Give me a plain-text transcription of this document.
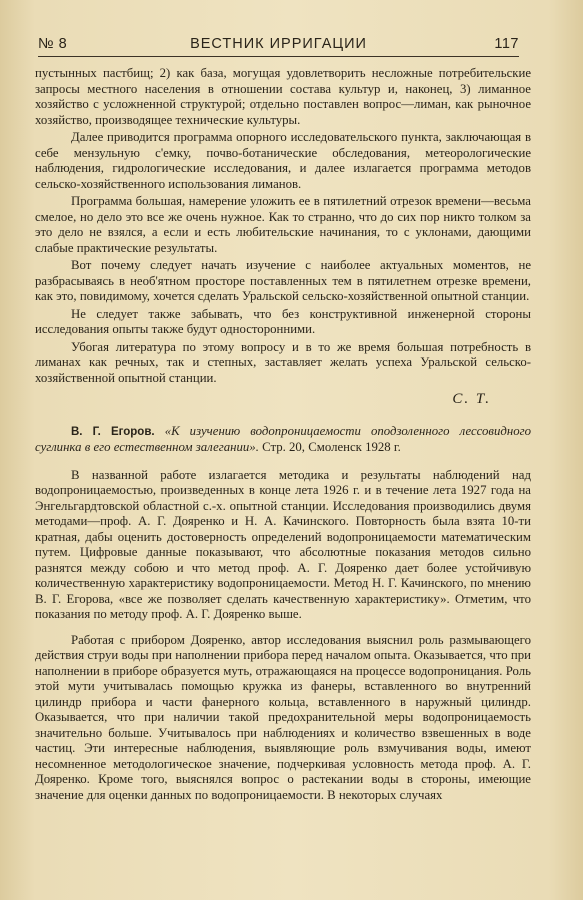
№ 8	ВЕСТНИК ИРРИГАЦИИ	117

пустынных пастбищ; 2) как база, могущая удовлетворить несложные потребительские запросы местного населения в отношении состава культур и, наконец, 3) лиманное хозяйство с усложненной структурой; отдельно поставлен вопрос—лиман, как рыночное хозяйство, производящее технические культуры.

Далее приводится программа опорного исследовательского пункта, заключающая в себе мензульную с'емку, почво-ботанические обследования, метеорологические наблюдения, гидрологические исследования, и далее излагается программа методов сельско-хозяйственного использования лиманов.

Программа большая, намерение уложить ее в пятилетний отрезок времени—весьма смелое, но дело это все же очень нужное. Как то странно, что до сих пор никто толком за это дело не взялся, а если и есть любительские начинания, то с уклонами, дающими слабые практические результаты.

Вот почему следует начать изучение с наиболее актуальных моментов, не разбрасываясь в необ'ятном просторе поставленных тем в пятилетнем отрезке времени, как это, повидимому, хочется сделать Уральской сельско-хозяйственной опытной станции.

Не следует также забывать, что без конструктивной инженерной стороны исследования опыты также будут односторонними.

Убогая литература по этому вопросу и в то же время большая потребность в лиманах как речных, так и степных, заставляет желать успеха Уральской сельско-хозяйственной опытной станции.

С. Т.

В. Г. Егоров. «К изучению водопроницаемости оподзоленного лессовидного суглинка в его естественном залегании». Стр. 20, Смоленск 1928 г.

В названной работе излагается методика и результаты наблюдений над водопроницаемостью, произведенных в конце лета 1926 г. и в течение лета 1927 года на Энгельгардтовской областной с.-х. опытной станции. Исследования производились двумя методами—проф. А. Г. Дояренко и Н. А. Качинского. Повторность была взята 10-ти кратная, дабы оценить достоверность определений водопроницаемости математическим путем. Цифровые данные показывают, что абсолютные показания методов сильно разнятся между собою и что метод проф. А. Г. Дояренко дает более устойчивую количественную характеристику водопроницаемости. Метод Н. Г. Качинского, по мнению В. Г. Егорова, «все же позволяет сделать качественную характеристику». Отметим, что показания по методу проф. А. Г. Дояренко выше.

Работая с прибором Дояренко, автор исследования выяснил роль размывающего действия струи воды при наполнении прибора перед началом опыта. Оказывается, что при наполнении в приборе образуется муть, отражающаяся на процессе водопроницания. Роль этой мути учитывалась помощью кружка из фанеры, вставленного во внутренний цилиндр прибора и части фанерного кольца, вставленного в наружный цилиндр. Оказывается, что при наличии такой предохранительной меры водопроницаемость значительно больше. Учитывалось при наблюдениях и количество взвешенных в воде частиц. Эти интересные наблюдения, выявляющие роль взмучивания воды, имеют несомненное методологическое значение, подчеркивая условность метода проф. А. Г. Дояренко. Кроме того, выяснялся вопрос о растекании воды в стороны, имеющие значение для оценки данных по водопроницаемости. В некоторых случаях
